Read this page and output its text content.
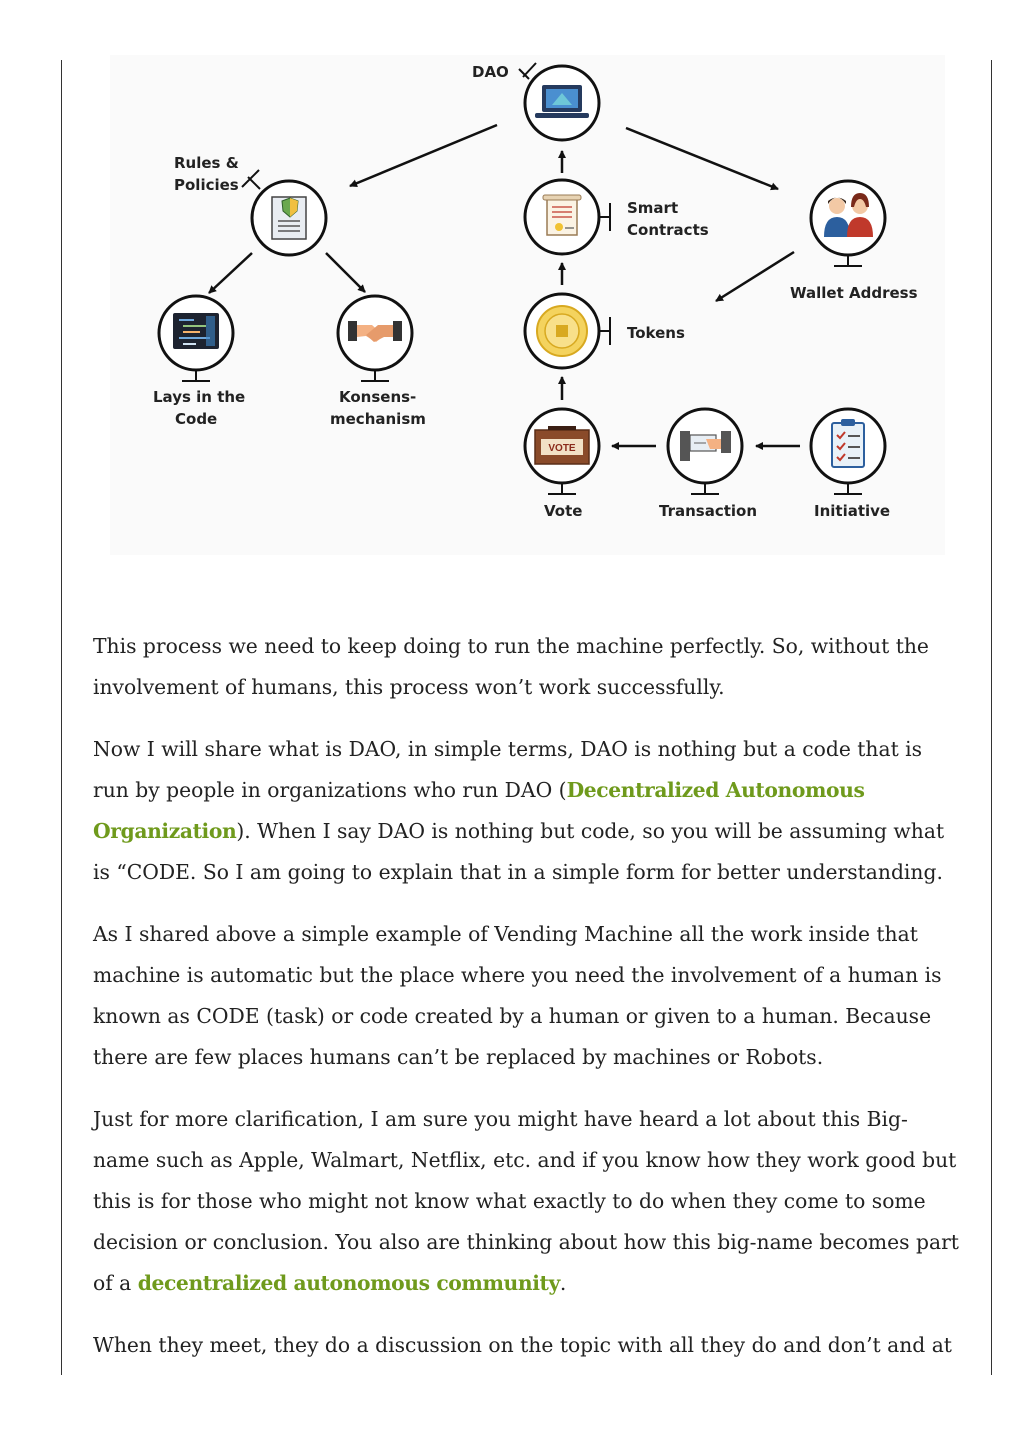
DAO
Rules &
Policies
Smart
Contracts
Wallet Address
Tokens
Lays in the
Code
Konsens-
mechanism
VOTE
Vote	Transaction	Initiative

This process we need to keep doing to run the machine perfectly. So, without the involvement of humans, this process won’t work successfully.

Now I will share what is DAO, in simple terms, DAO is nothing but a code that is run by people in organizations who run DAO (Decentralized Autonomous Organization). When I say DAO is nothing but code, so you will be assuming what is “CODE. So I am going to explain that in a simple form for better understanding.

As I shared above a simple example of Vending Machine all the work inside that machine is automatic but the place where you need the involvement of a human is known as CODE (task) or code created by a human or given to a human. Because there are few places humans can’t be replaced by machines or Robots.

Just for more clarification, I am sure you might have heard a lot about this Big-name such as Apple, Walmart, Netflix, etc. and if you know how they work good but this is for those who might not know what exactly to do when they come to some decision or conclusion. You also are thinking about how this big-name becomes part of a decentralized autonomous community.

When they meet, they do a discussion on the topic with all they do and don’t and at
